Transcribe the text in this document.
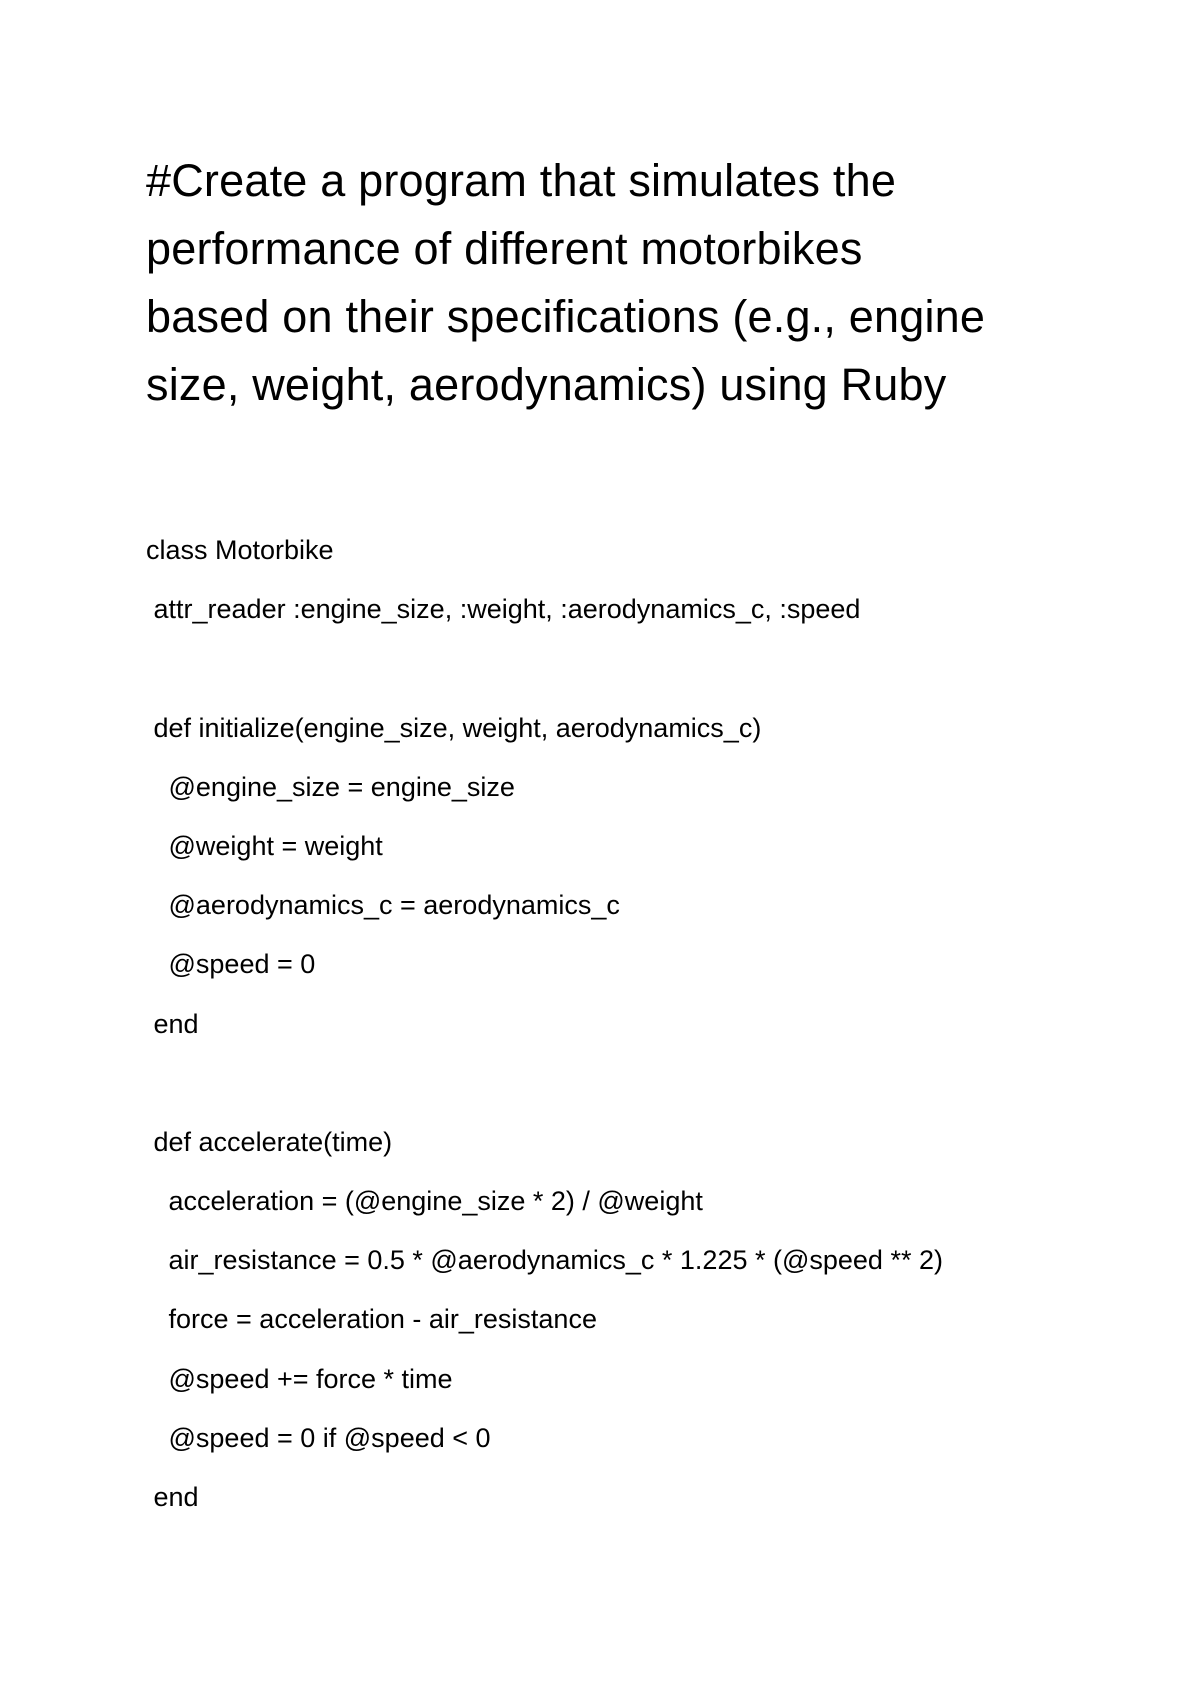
#Create a program that simulates the
performance of different motorbikes
based on their specifications (e.g., engine
size, weight, aerodynamics) using Ruby
class Motorbike
attr_reader :engine_size, :weight, :aerodynamics_c, :speed
def initialize(engine_size, weight, aerodynamics_c)
@engine_size = engine_size
@weight = weight
@aerodynamics_c = aerodynamics_c
@speed = 0
end
def accelerate(time)
acceleration = (@engine_size * 2) / @weight
air_resistance = 0.5 * @aerodynamics_c * 1.225 * (@speed ** 2)
force = acceleration - air_resistance
@speed += force * time
@speed = 0 if @speed < 0
end
